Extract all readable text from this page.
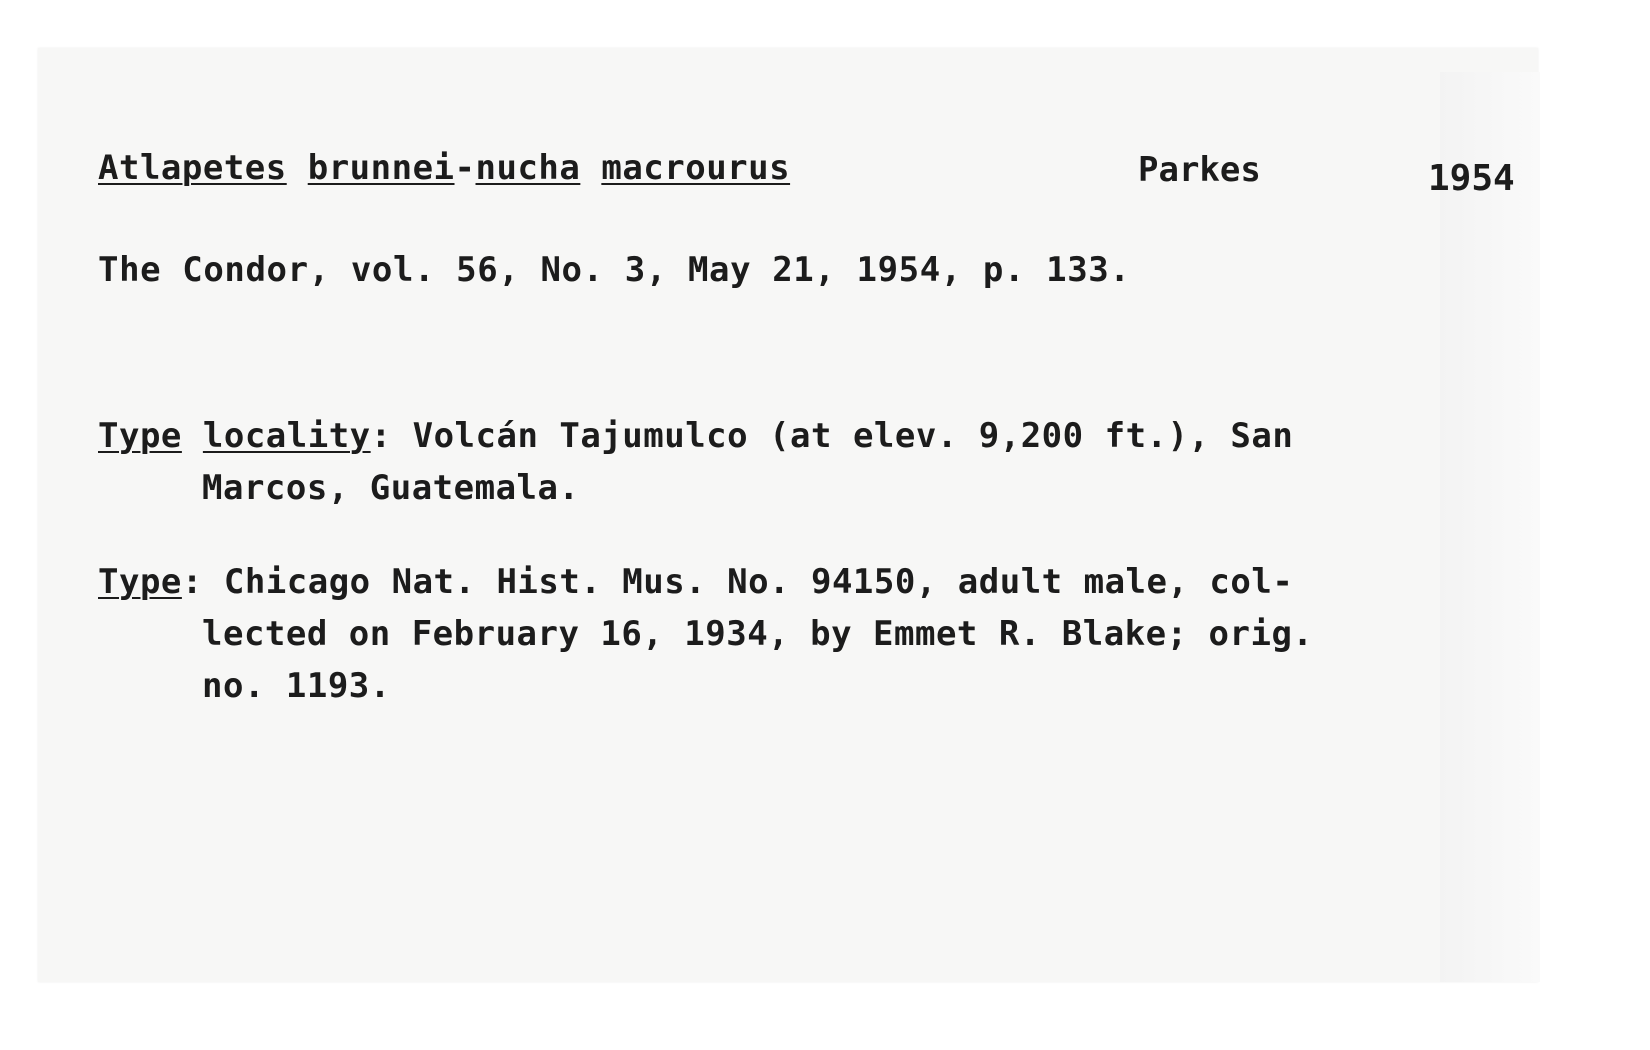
Atlapetes brunnei-nucha macrourus	Parkes	1954
The Condor, vol. 56, No. 3, May 21, 1954, p. 133.
Type locality: Volcán Tajumulco (at elev. 9,200 ft.), San
Marcos, Guatemala.
Type: Chicago Nat. Hist. Mus. No. 94150, adult male, col-
lected on February 16, 1934, by Emmet R. Blake; orig.
no. 1193.
